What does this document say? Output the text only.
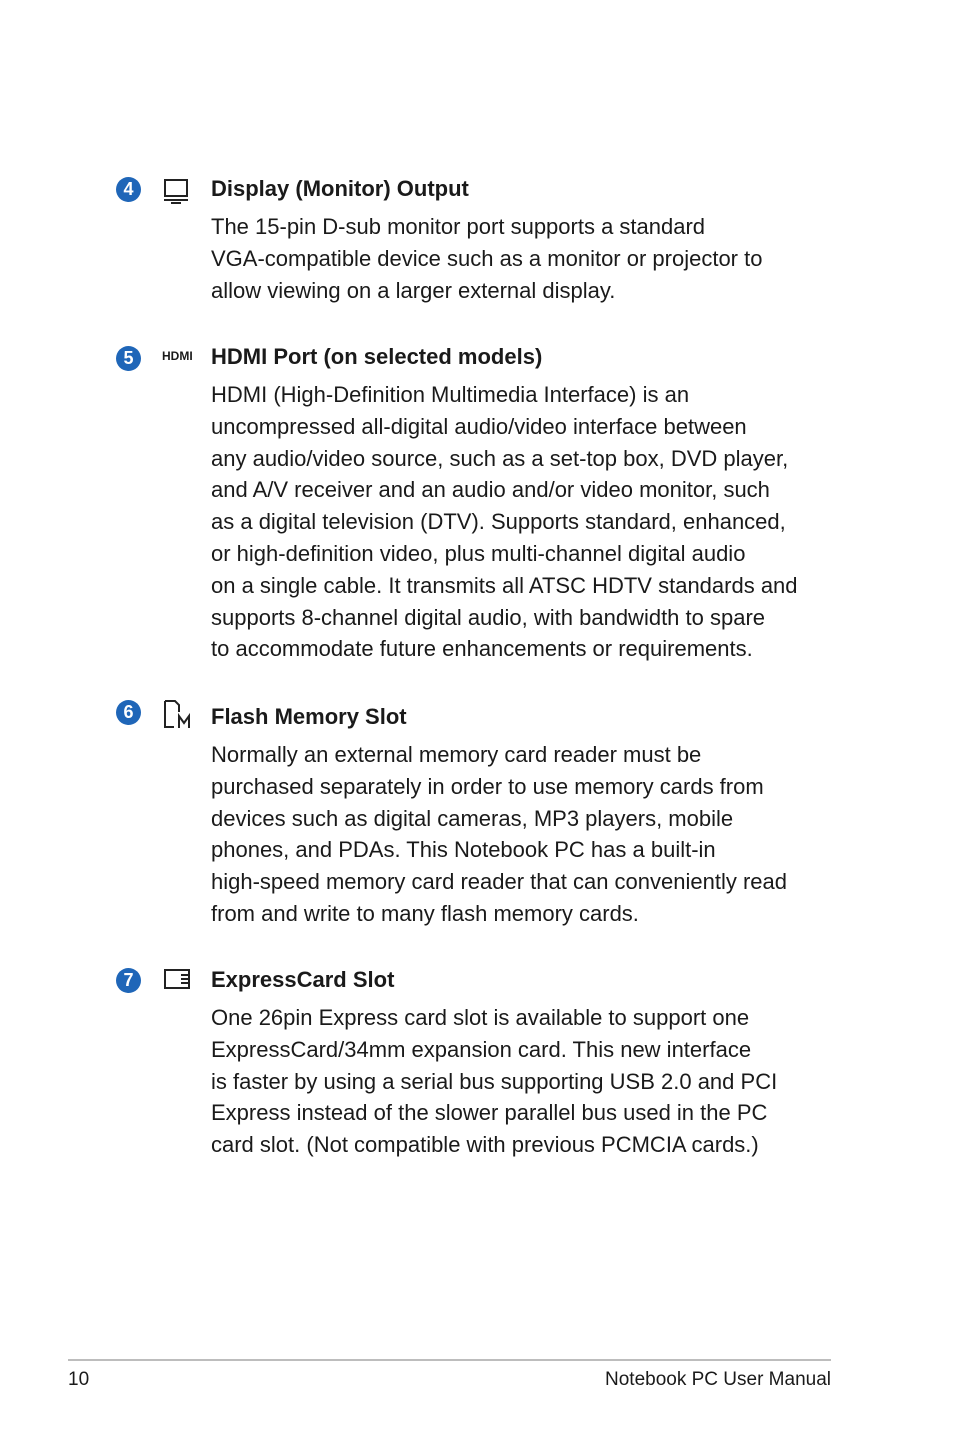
4	Display (Monitor) Output
The 15-pin D-sub monitor port supports a standard
VGA-compatible device such as a monitor or projector to
allow viewing on a larger external display.
5	HDMI HDMI Port (on selected models)
HDMI (High-Definition Multimedia Interface) is an
uncompressed all-digital audio/video interface between
any audio/video source, such as a set-top box, DVD player,
and A/V receiver and an audio and/or video monitor, such
as a digital television (DTV). Supports standard, enhanced,
or high-definition video, plus multi-channel digital audio
on a single cable. It transmits all ATSC HDTV standards and
supports 8-channel digital audio, with bandwidth to spare
to accommodate future enhancements or requirements.
6	Flash Memory Slot
Normally an external memory card reader must be
purchased separately in order to use memory cards from
devices such as digital cameras, MP3 players, mobile
phones, and PDAs. This Notebook PC has a built-in
high-speed memory card reader that can conveniently read
from and write to many flash memory cards.
7	ExpressCard Slot
One 26pin Express card slot is available to support one
ExpressCard/34mm expansion card. This new interface
is faster by using a serial bus supporting USB 2.0 and PCI
Express instead of the slower parallel bus used in the PC
card slot. (Not compatible with previous PCMCIA cards.)
10	Notebook PC User Manual
